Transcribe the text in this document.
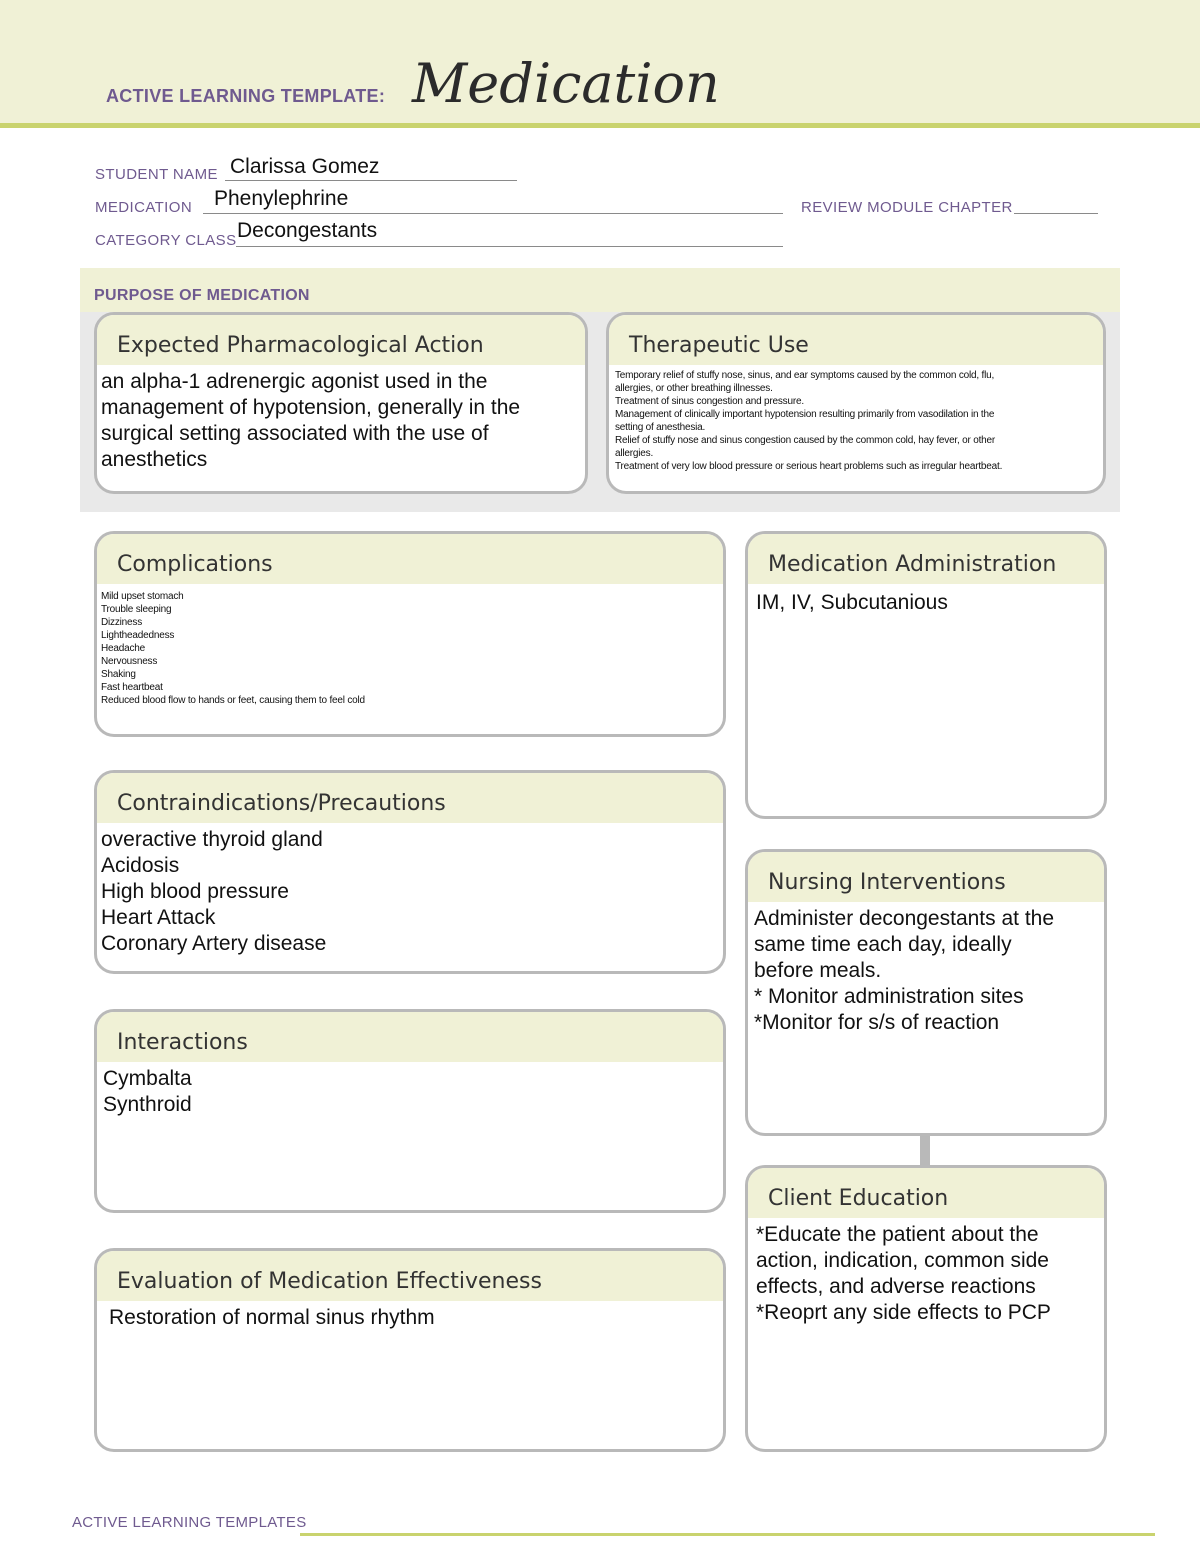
ACTIVE LEARNING TEMPLATE: Medication
STUDENT NAME Clarissa Gomez
MEDICATION Phenylephrine	REVIEW MODULE CHAPTER
CATEGORY CLASS Decongestants
PURPOSE OF MEDICATION
Expected Pharmacological Action
an alpha-1 adrenergic agonist used in the
management of hypotension, generally in the
surgical setting associated with the use of
anesthetics
Therapeutic Use
Temporary relief of stuffy nose, sinus, and ear symptoms caused by the common cold, flu,
allergies, or other breathing illnesses.
Treatment of sinus congestion and pressure.
Management of clinically important hypotension resulting primarily from vasodilation in the
setting of anesthesia.
Relief of stuffy nose and sinus congestion caused by the common cold, hay fever, or other
allergies.
Treatment of very low blood pressure or serious heart problems such as irregular heartbeat.
Complications
Mild upset stomach
Trouble sleeping
Dizziness
Lightheadedness
Headache
Nervousness
Shaking
Fast heartbeat
Reduced blood flow to hands or feet, causing them to feel cold
Contraindications/Precautions
overactive thyroid gland
Acidosis
High blood pressure
Heart Attack
Coronary Artery disease
Interactions
Cymbalta
Synthroid
Evaluation of Medication Effectiveness
Restoration of normal sinus rhythm
Medication Administration
IM, IV, Subcutanious
Nursing Interventions
Administer decongestants at the
same time each day, ideally
before meals.
* Monitor administration sites
*Monitor for s/s of reaction
Client Education
*Educate the patient about the
action, indication, common side
effects, and adverse reactions
*Reoprt any side effects to PCP
ACTIVE LEARNING TEMPLATES
